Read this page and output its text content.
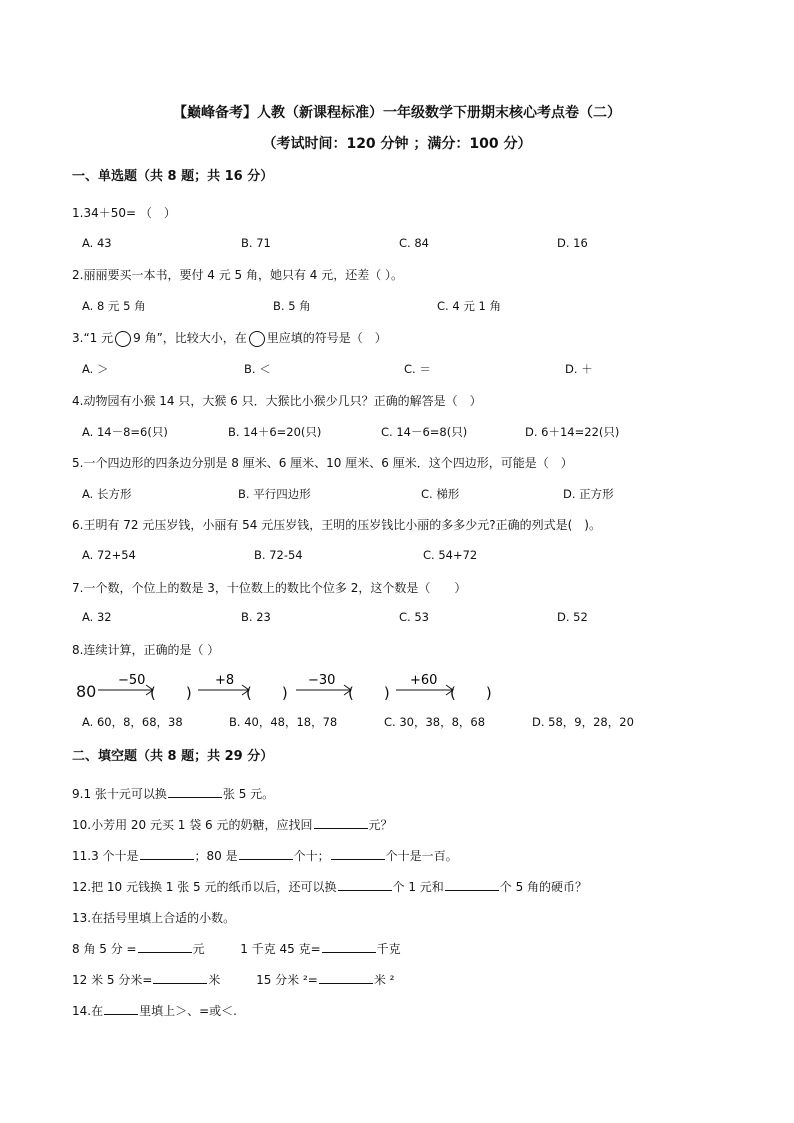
【巅峰备考】人教（新课程标准）一年级数学下册期末核心考点卷（二）
（考试时间：120 分钟 ；满分：100 分）
一、单选题（共 8 题；共 16 分）
1.34＋50= （　）
A. 43	B. 71	C. 84	D. 16
2.丽丽要买一本书，要付 4 元 5 角，她只有 4 元，还差（ ）。
A. 8 元 5 角	B. 5 角	C. 4 元 1 角
3.“1 元 9 角”，比较大小，在 里应填的符号是（　）
A. ＞	B. ＜	C. ＝	D. ＋
4.动物园有小猴 14 只，大猴 6 只．大猴比小猴少几只？正确的解答是（　）
A. 14－8=6(只)	B. 14＋6=20(只)	C. 14－6=8(只)	D. 6＋14=22(只)
5.一个四边形的四条边分别是 8 厘米、6 厘米、10 厘米、6 厘米．这个四边形，可能是（　）
A. 长方形	B. 平行四边形	C. 梯形	D. 正方形
6.王明有 72 元压岁钱，小丽有 54 元压岁钱，王明的压岁钱比小丽的多多少元?正确的列式是(　)。
A. 72+54	B. 72-54	C. 54+72
7.一个数，个位上的数是 3，十位数上的数比个位多 2，这个数是（　　）
A. 32	B. 23	C. 53	D. 52
8.连续计算，正确的是（ ）
80	(　　)	(　　)	(　　)	(　　)
−50	+8	−30	+60
A. 60，8，68，38	B. 40，48，18，78	C. 30，38，8，68	D. 58，9，28，20
二、填空题（共 8 题；共 29 分）
9.1 张十元可以换	张 5 元。
10.小芳用 20 元买 1 袋 6 元的奶糖，应找回	元？
11.3 个十是	；80 是	个十；	个十是一百。
12.把 10 元钱换 1 张 5 元的纸币以后，还可以换	个 1 元和	个 5 角的硬币？
13.在括号里填上合适的小数。
8 角 5 分 =	元	1 千克 45 克=	千克
12 米 5 分米=	米	15 分米 ²=	米 ²
14.在	里填上＞、=或＜.
